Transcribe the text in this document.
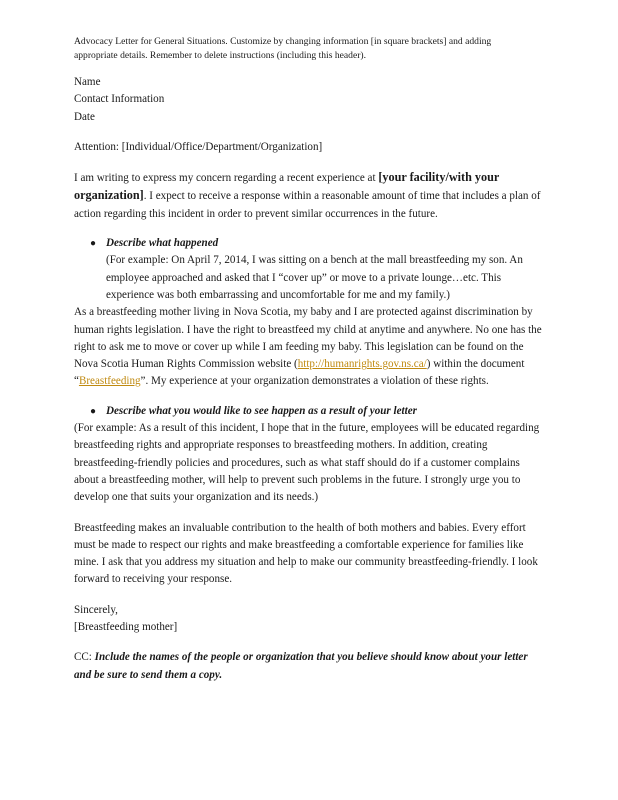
Advocacy Letter for General Situations. Customize by changing information [in square brackets] and adding
appropriate details. Remember to delete instructions (including this header).
Name
Contact Information
Date
Attention: [Individual/Office/Department/Organization]
I am writing to express my concern regarding a recent experience at [your facility/with your organization]. I expect to receive a response within a reasonable amount of time that includes a plan of action regarding this incident in order to prevent similar occurrences in the future.
● Describe what happened
(For example: On April 7, 2014, I was sitting on a bench at the mall breastfeeding my son. An employee approached and asked that I “cover up” or move to a private lounge…etc. This experience was both embarrassing and uncomfortable for me and my family.)
As a breastfeeding mother living in Nova Scotia, my baby and I are protected against discrimination by human rights legislation. I have the right to breastfeed my child at anytime and anywhere. No one has the right to ask me to move or cover up while I am feeding my baby. This legislation can be found on the Nova Scotia Human Rights Commission website (http://humanrights.gov.ns.ca/) within the document “Breastfeeding”. My experience at your organization demonstrates a violation of these rights.
● Describe what you would like to see happen as a result of your letter
(For example: As a result of this incident, I hope that in the future, employees will be educated regarding breastfeeding rights and appropriate responses to breastfeeding mothers. In addition, creating breastfeeding-friendly policies and procedures, such as what staff should do if a customer complains about a breastfeeding mother, will help to prevent such problems in the future. I strongly urge you to develop one that suits your organization and its needs.)
Breastfeeding makes an invaluable contribution to the health of both mothers and babies. Every effort must be made to respect our rights and make breastfeeding a comfortable experience for families like mine. I ask that you address my situation and help to make our community breastfeeding-friendly. I look forward to receiving your response.
Sincerely,
[Breastfeeding mother]
CC: Include the names of the people or organization that you believe should know about your letter and be sure to send them a copy.
